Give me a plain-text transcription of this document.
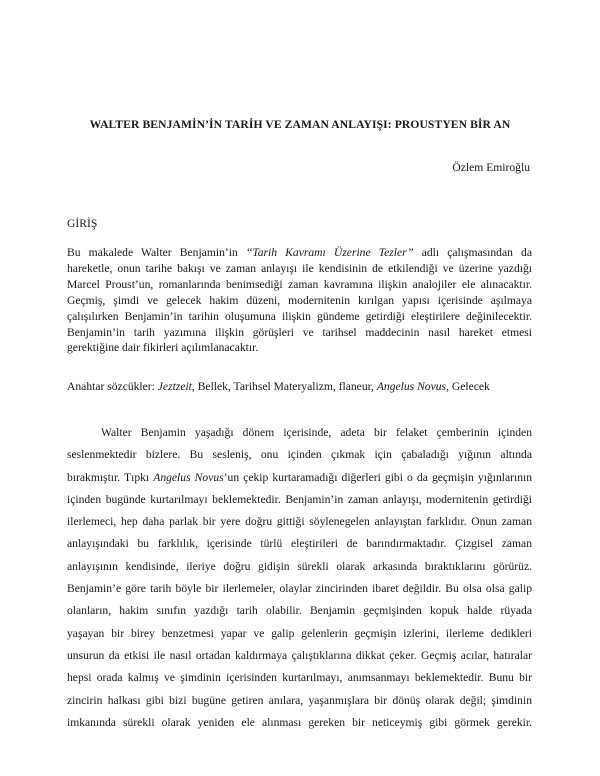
WALTER BENJAMİN’İN TARİH VE ZAMAN ANLAYIŞI: PROUSTYEN BİR AN
Özlem Emiroğlu
GİRİŞ
Bu makalede Walter Benjamin’in ‘‘Tarih Kavramı Üzerine Tezler’’ adlı çalışmasından da
hareketle, onun tarihe bakışı ve zaman anlayışı ile kendisinin de etkilendiği ve üzerine yazdığı
Marcel Proust’un, romanlarında benimsediği zaman kavramına ilişkin analojiler ele alınacaktır.
Geçmiş, şimdi ve gelecek hakim düzeni, modernitenin kırılgan yapısı içerisinde aşılmaya
çalışılırken Benjamin’in tarihin oluşumuna ilişkin gündeme getirdiği eleştirilere değinilecektir.
Benjamin’in tarih yazımına ilişkin görüşleri ve tarihsel maddecinin nasıl hareket etmesi
gerektiğine dair fikirleri açılımlanacaktır.
Anahtar sözcükler: Jeztzeit, Bellek, Tarihsel Materyalizm, flaneur, Angelus Novus, Gelecek
Walter Benjamin yaşadığı dönem içerisinde, adeta bir felaket çemberinin içinden
seslenmektedir bizlere. Bu sesleniş, onu içinden çıkmak için çabaladığı yığının altında
bırakmıştır. Tıpkı Angelus Novus’un çekip kurtaramadığı diğerleri gibi o da geçmişin yığınlarının
içinden bugünde kurtarılmayı beklemektedir. Benjamin’in zaman anlayışı, modernitenin getirdiği
ilerlemeci, hep daha parlak bir yere doğru gittiği söylenegelen anlayıştan farklıdır. Onun zaman
anlayışındaki bu farklılık, içerisinde türlü eleştirileri de barındırmaktadır. Çizgisel zaman
anlayışının kendisinde, ileriye doğru gidişin sürekli olarak arkasında bıraktıklarını görürüz.
Benjamin’e göre tarih böyle bir ilerlemeler, olaylar zincirinden ibaret değildir. Bu olsa olsa galip
olanların, hakim sınıfın yazdığı tarih olabilir. Benjamin geçmişinden kopuk halde rüyada
yaşayan bir birey benzetmesi yapar ve galip gelenlerin geçmişin izlerini, ilerleme dedikleri
unsurun da etkisi ile nasıl ortadan kaldırmaya çalıştıklarına dikkat çeker. Geçmiş acılar, hatıralar
hepsi orada kalmış ve şimdinin içerisinden kurtarılmayı, anımsanmayı beklemektedir. Bunu bir
zincirin halkası gibi bizi bugüne getiren anılara, yaşanmışlara bir dönüş olarak değil; şimdinin
imkanında sürekli olarak yeniden ele alınması gereken bir neticeymiş gibi görmek gerekir.
